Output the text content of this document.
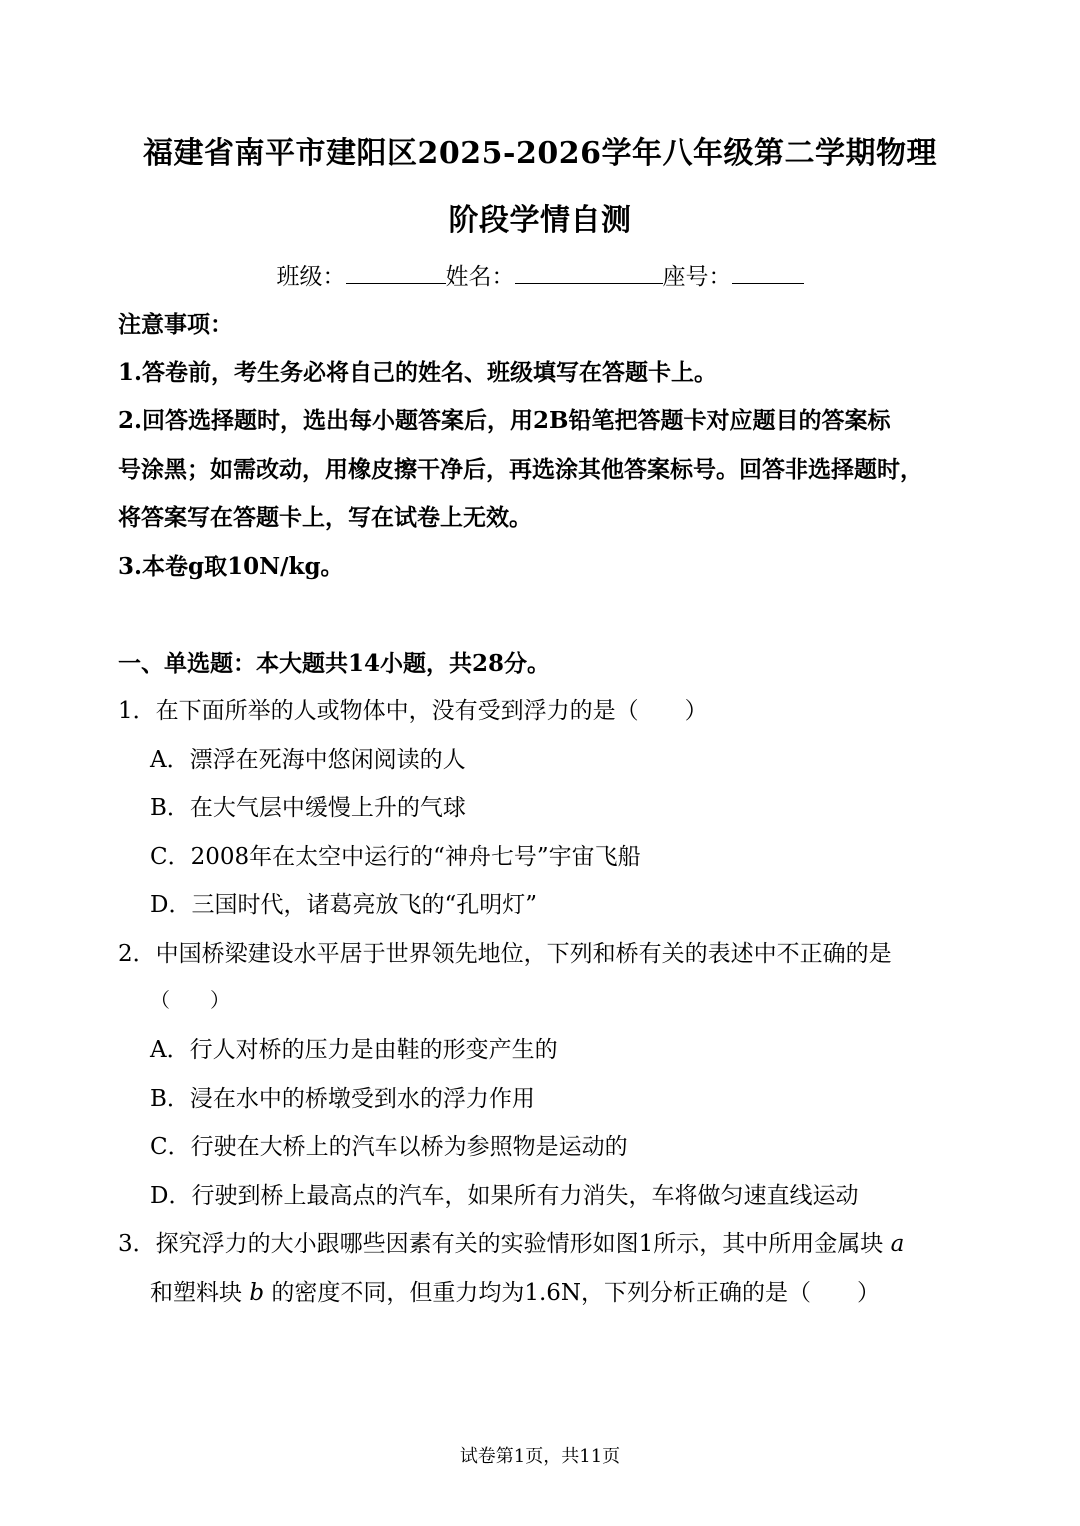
福建省南平市建阳区2025-2026学年八年级第二学期物理
阶段学情自测
班级：	姓名：	座号：
注意事项：
1.答卷前，考生务必将自己的姓名、班级填写在答题卡上。
2.回答选择题时，选出每小题答案后，用2B铅笔把答题卡对应题目的答案标
号涂黑；如需改动，用橡皮擦干净后，再选涂其他答案标号。回答非选择题时，
将答案写在答题卡上，写在试卷上无效。
3.本卷g取10N/kg。
一、单选题：本大题共14小题，共28分。
1．在下面所举的人或物体中，没有受到浮力的是（　　）
A．漂浮在死海中悠闲阅读的人
B．在大气层中缓慢上升的气球
C．2008年在太空中运行的“神舟七号”宇宙飞船
D．三国时代，诸葛亮放飞的“孔明灯”
2．中国桥梁建设水平居于世界领先地位，下列和桥有关的表述中不正确的是
（　　）
A．行人对桥的压力是由鞋的形变产生的
B．浸在水中的桥墩受到水的浮力作用
C．行驶在大桥上的汽车以桥为参照物是运动的
D．行驶到桥上最高点的汽车，如果所有力消失，车将做匀速直线运动
3．探究浮力的大小跟哪些因素有关的实验情形如图1所示，其中所用金属块 a
和塑料块 b 的密度不同，但重力均为1.6N，下列分析正确的是（　　）
试卷第1页，共11页
